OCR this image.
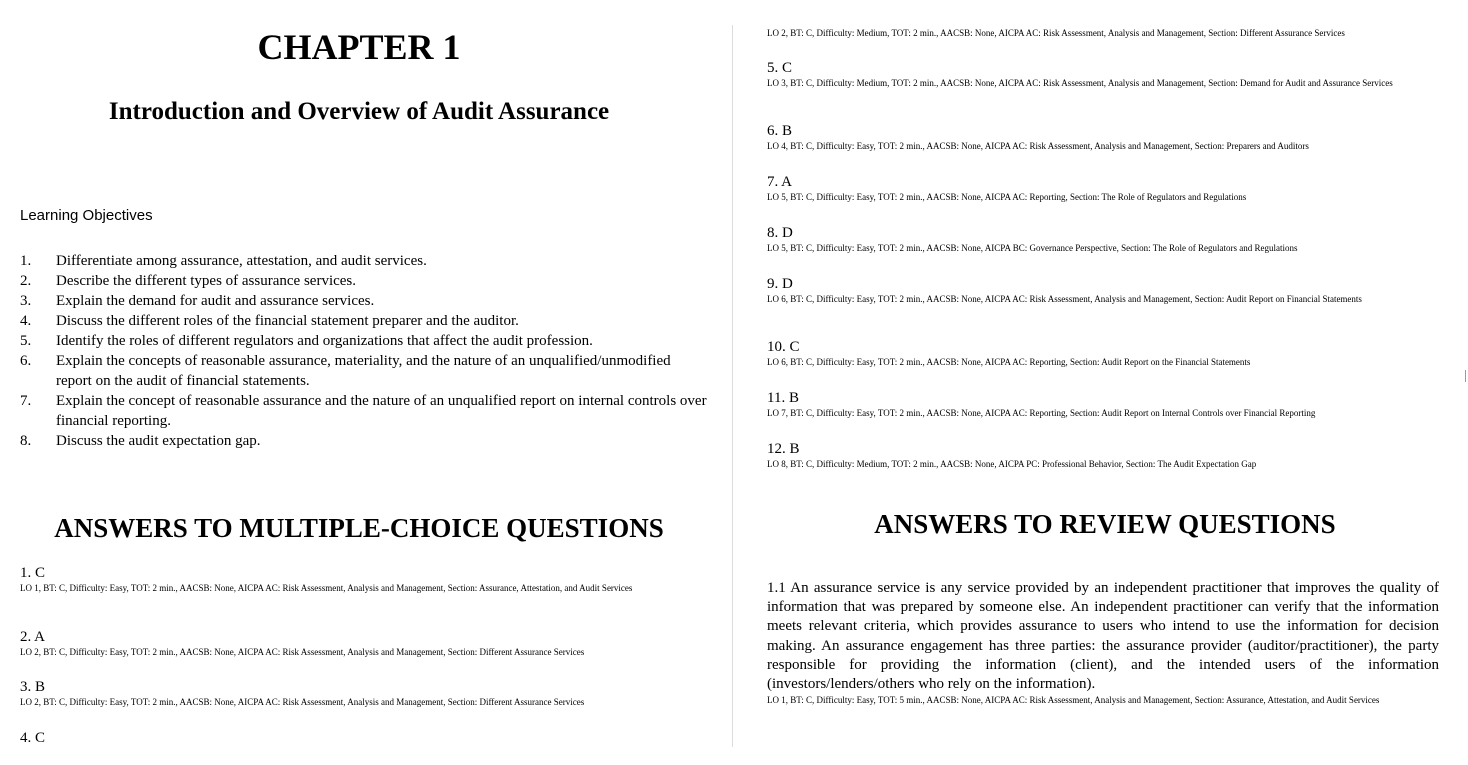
CHAPTER 1
Introduction and Overview of Audit Assurance
Learning Objectives
1.	Differentiate among assurance, attestation, and audit services.
2.	Describe the different types of assurance services.
3.	Explain the demand for audit and assurance services.
4.	Discuss the different roles of the financial statement preparer and the auditor.
5.	Identify the roles of different regulators and organizations that affect the audit profession.
6.	Explain the concepts of reasonable assurance, materiality, and the nature of an unqualified/unmodified report on the audit of financial statements.
7.	Explain the concept of reasonable assurance and the nature of an unqualified report on internal controls over financial reporting.
8.	Discuss the audit expectation gap.
ANSWERS TO MULTIPLE-CHOICE QUESTIONS
1. C
LO 1, BT: C, Difficulty: Easy, TOT: 2 min., AACSB: None, AICPA AC: Risk Assessment, Analysis and Management, Section: Assurance, Attestation, and Audit Services
2. A
LO 2, BT: C, Difficulty: Easy, TOT: 2 min., AACSB: None, AICPA AC: Risk Assessment, Analysis and Management, Section: Different Assurance Services
3. B
LO 2, BT: C, Difficulty: Easy, TOT: 2 min., AACSB: None, AICPA AC: Risk Assessment, Analysis and Management, Section: Different Assurance Services
4. C
LO 2, BT: C, Difficulty: Medium, TOT: 2 min., AACSB: None, AICPA AC: Risk Assessment, Analysis and Management, Section: Different Assurance Services
5. C
LO 3, BT: C, Difficulty: Medium, TOT: 2 min., AACSB: None, AICPA AC: Risk Assessment, Analysis and Management, Section: Demand for Audit and Assurance Services
6. B
LO 4, BT: C, Difficulty: Easy, TOT: 2 min., AACSB: None, AICPA AC: Risk Assessment, Analysis and Management, Section: Preparers and Auditors
7. A
LO 5, BT: C, Difficulty: Easy, TOT: 2 min., AACSB: None, AICPA AC: Reporting, Section: The Role of Regulators and Regulations
8. D
LO 5, BT: C, Difficulty: Easy, TOT: 2 min., AACSB: None, AICPA BC: Governance Perspective, Section: The Role of Regulators and Regulations
9. D
LO 6, BT: C, Difficulty: Easy, TOT: 2 min., AACSB: None, AICPA AC: Risk Assessment, Analysis and Management, Section: Audit Report on Financial Statements
10. C
LO 6, BT: C, Difficulty: Easy, TOT: 2 min., AACSB: None, AICPA AC: Reporting, Section: Audit Report on the Financial Statements
11. B
LO 7, BT: C, Difficulty: Easy, TOT: 2 min., AACSB: None, AICPA AC: Reporting, Section: Audit Report on Internal Controls over Financial Reporting
12. B
LO 8, BT: C, Difficulty: Medium, TOT: 2 min., AACSB: None, AICPA PC: Professional Behavior, Section: The Audit Expectation Gap
ANSWERS TO REVIEW QUESTIONS
1.1 An assurance service is any service provided by an independent practitioner that improves the quality of information that was prepared by someone else. An independent practitioner can verify that the information meets relevant criteria, which provides assurance to users who intend to use the information for decision making. An assurance engagement has three parties: the assurance provider (auditor/practitioner), the party responsible for providing the information (client), and the intended users of the information (investors/lenders/others who rely on the information).
LO 1, BT: C, Difficulty: Easy, TOT: 5 min., AACSB: None, AICPA AC: Risk Assessment, Analysis and Management, Section: Assurance, Attestation, and Audit Services
